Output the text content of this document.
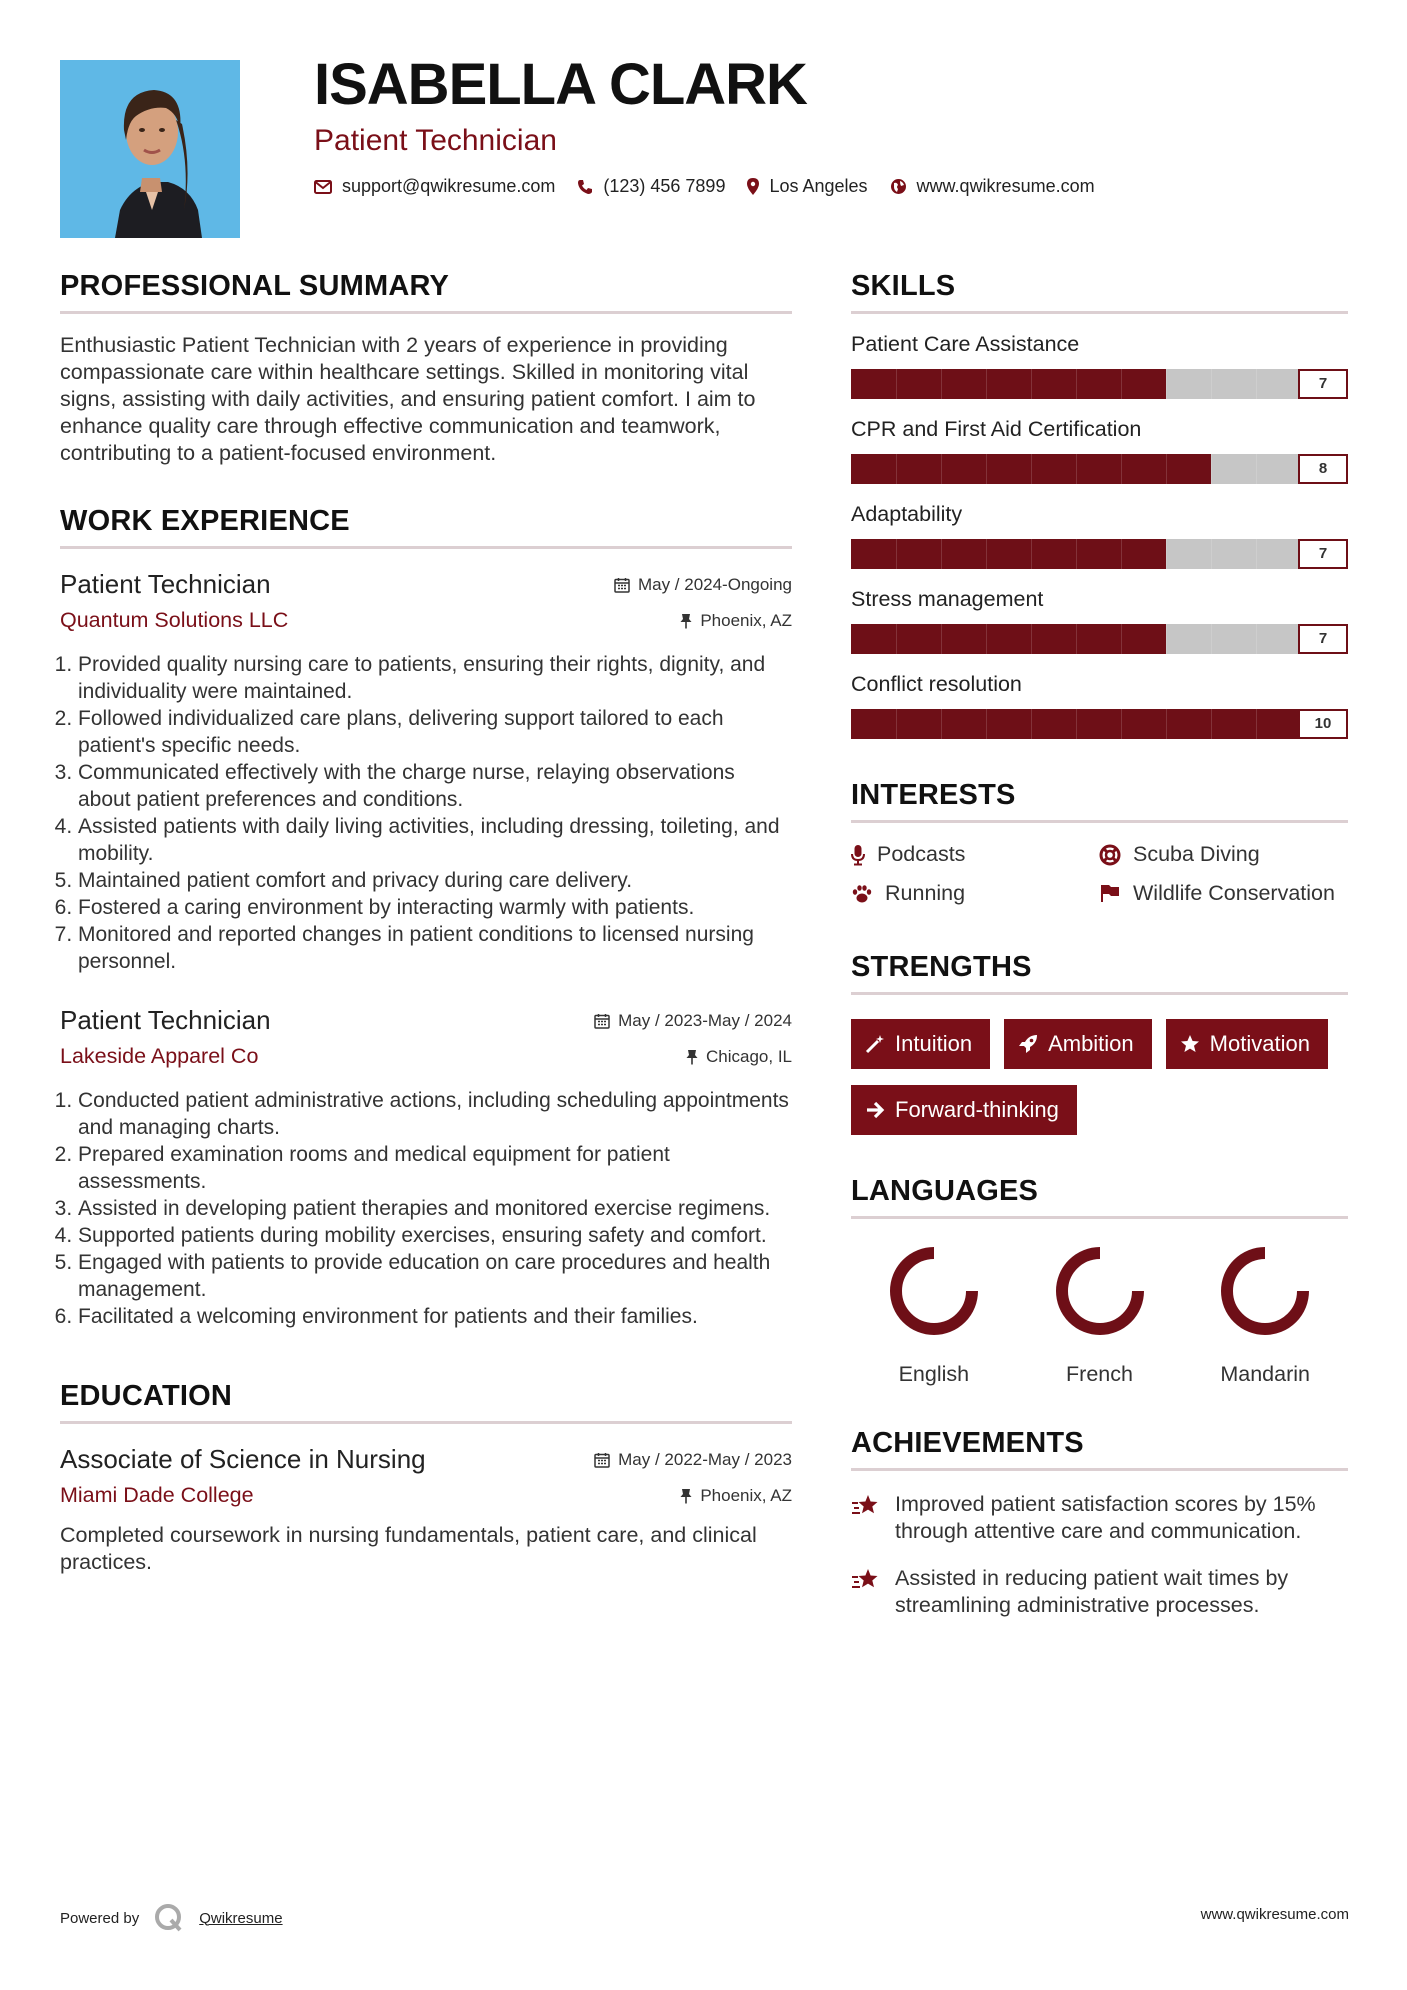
ISABELLA CLARK
Patient Technician
support@qwikresume.com	(123) 456 7899 Los Angeles	www.qwikresume.com
PROFESSIONAL SUMMARY
Enthusiastic Patient Technician with 2 years of experience in providing compassionate care within healthcare settings. Skilled in monitoring vital signs, assisting with daily activities, and ensuring patient comfort. I aim to enhance quality care through effective communication and teamwork, contributing to a patient-focused environment.
WORK EXPERIENCE
Patient Technician
Quantum Solutions LLC
May / 2024-Ongoing
Phoenix, AZ
1. Provided quality nursing care to patients, ensuring their rights, dignity, and individuality were maintained.
2. Followed individualized care plans, delivering support tailored to each patient's specific needs.
3. Communicated effectively with the charge nurse, relaying observations about patient preferences and conditions.
4. Assisted patients with daily living activities, including dressing, toileting, and mobility.
5. Maintained patient comfort and privacy during care delivery.
6. Fostered a caring environment by interacting warmly with patients.
7. Monitored and reported changes in patient conditions to licensed nursing personnel.
Patient Technician
Lakeside Apparel Co
May / 2023-May / 2024
Chicago, IL
1. Conducted patient administrative actions, including scheduling appointments and managing charts.
2. Prepared examination rooms and medical equipment for patient assessments.
3. Assisted in developing patient therapies and monitored exercise regimens.
4. Supported patients during mobility exercises, ensuring safety and comfort.
5. Engaged with patients to provide education on care procedures and health management.
6. Facilitated a welcoming environment for patients and their families.
EDUCATION
Associate of Science in Nursing
Miami Dade College
May / 2022-May / 2023
Phoenix, AZ
Completed coursework in nursing fundamentals, patient care, and clinical practices.
SKILLS
Patient Care Assistance
7
CPR and First Aid Certification
8
Adaptability
7
Stress management
7
Conflict resolution
10
INTERESTS
Podcasts	Scuba Diving
Running	Wildlife Conservation
STRENGTHS
Intuition	Ambition	Motivation
Forward-thinking
LANGUAGES
English	French	Mandarin
ACHIEVEMENTS
Improved patient satisfaction scores by 15% through attentive care and communication.
Assisted in reducing patient wait times by streamlining administrative processes.
Powered by	Qwikresume	www.qwikresume.com
